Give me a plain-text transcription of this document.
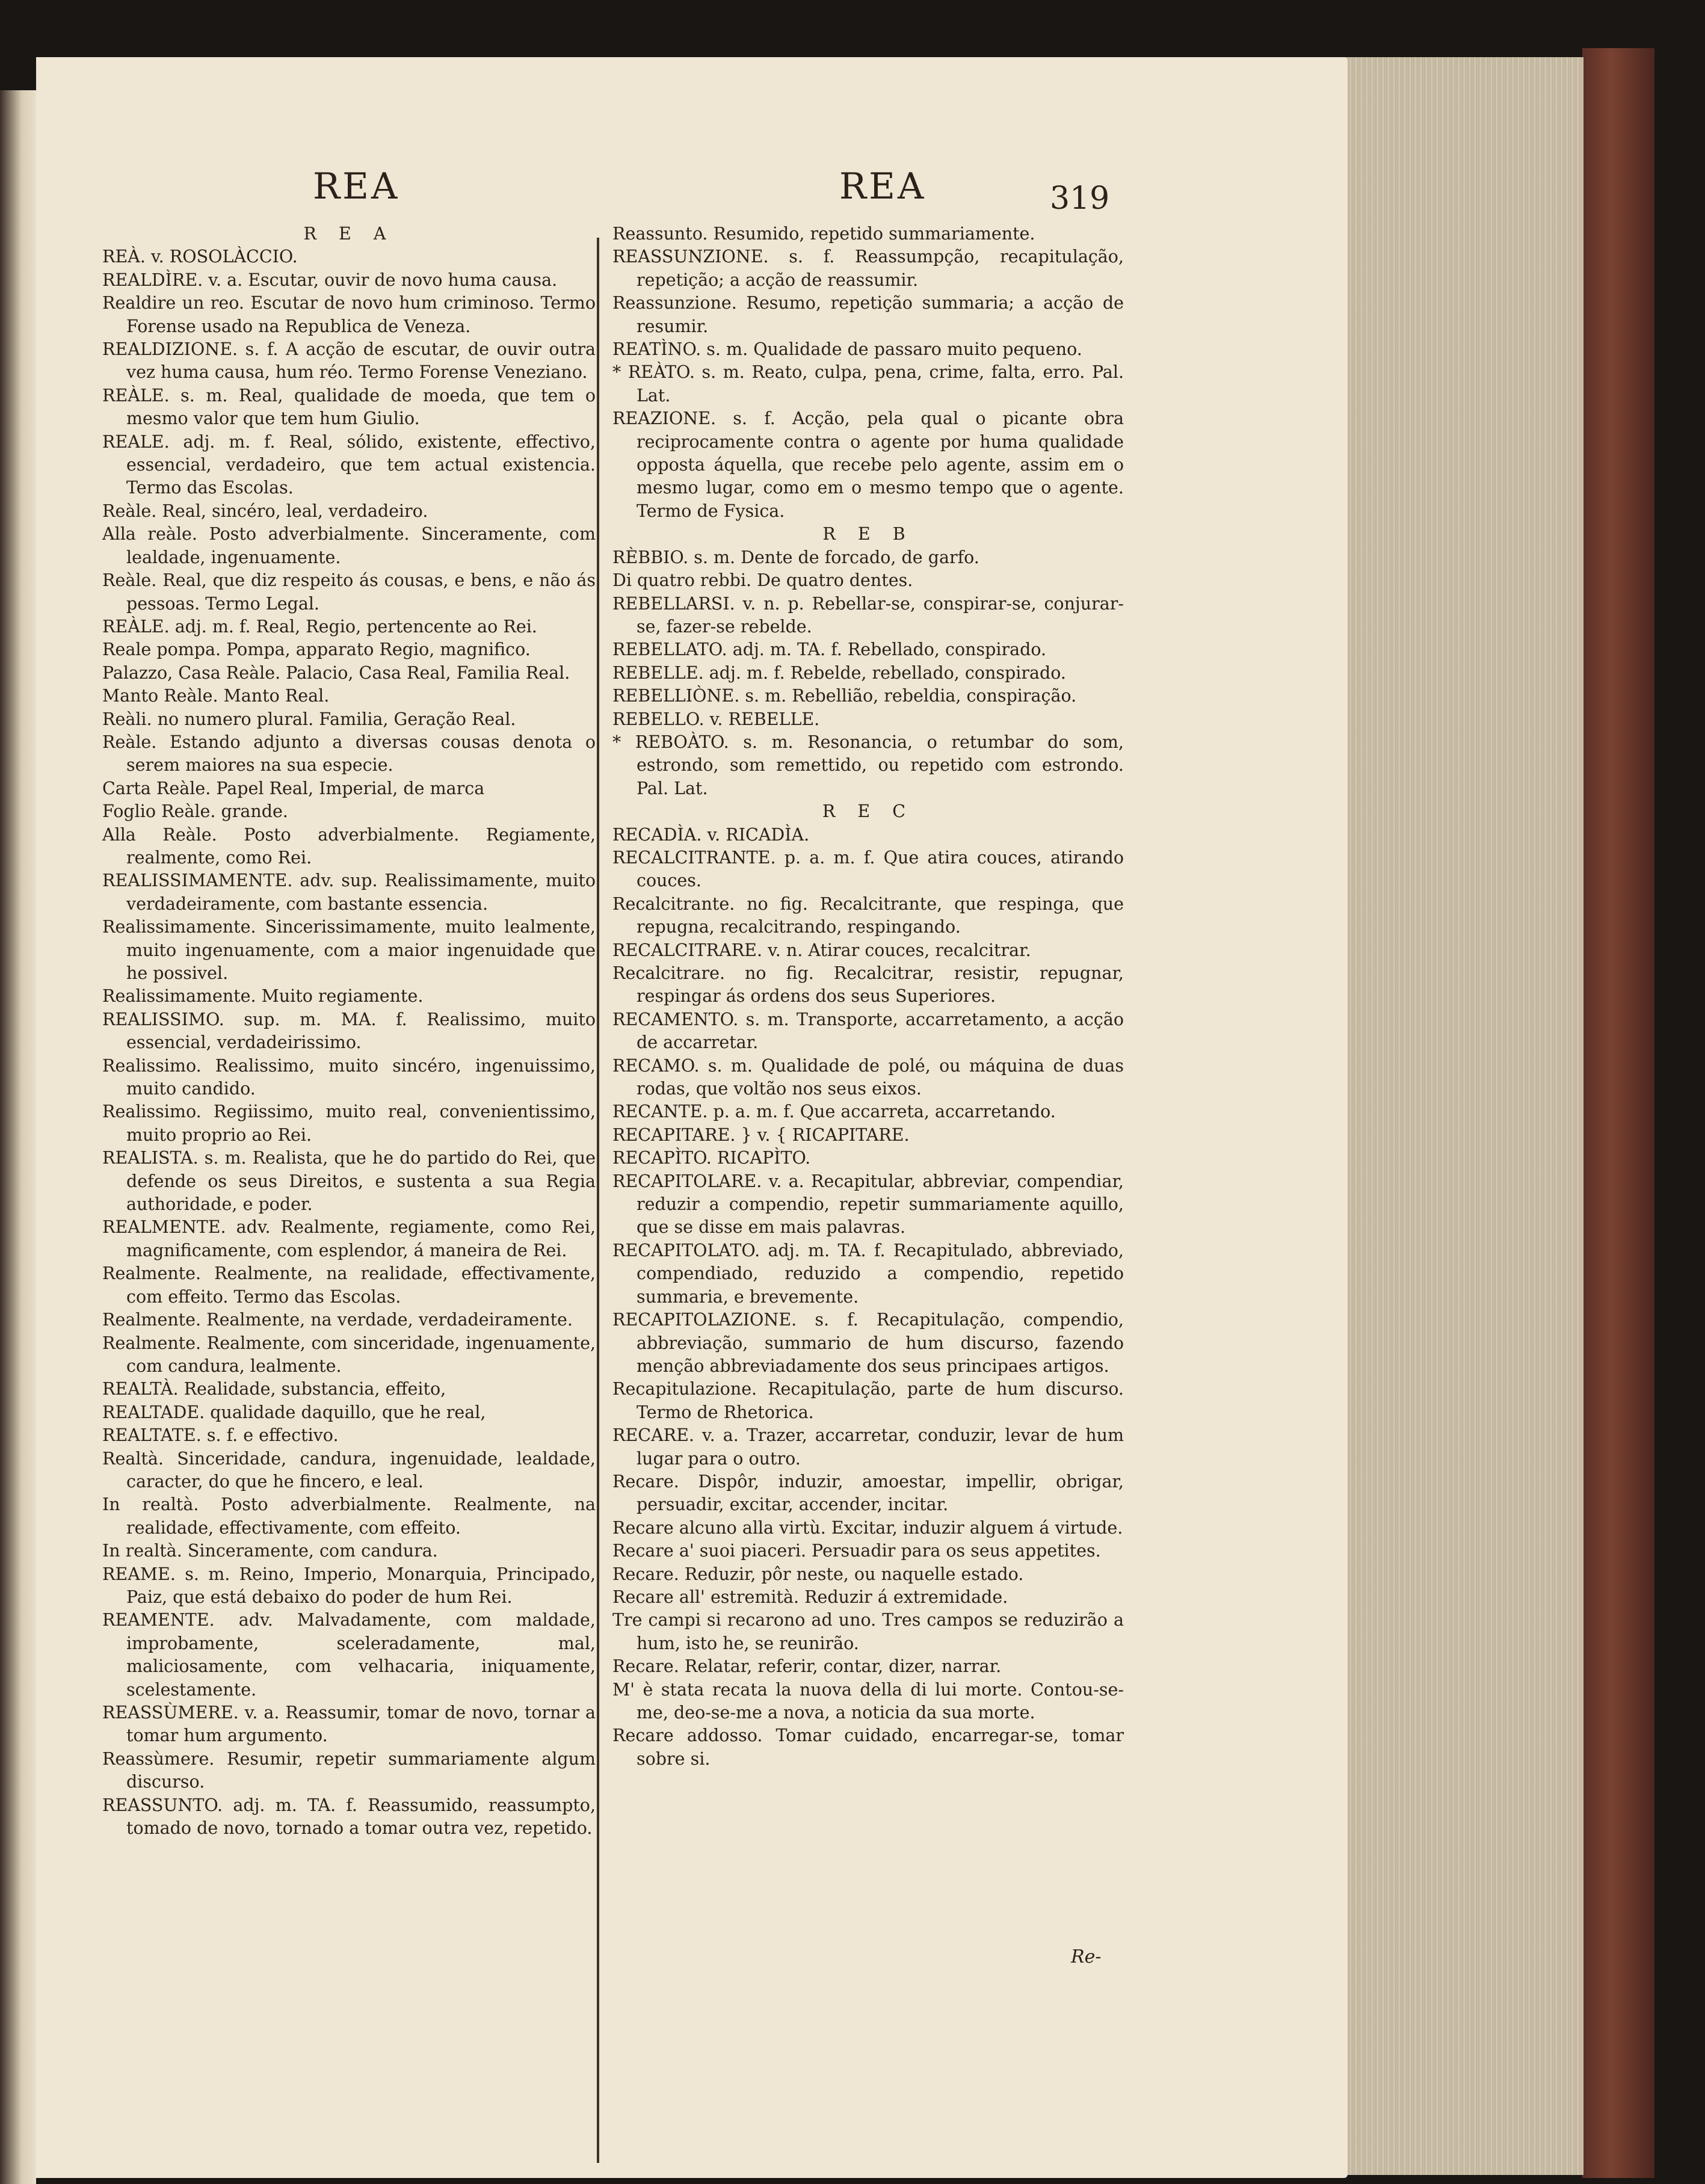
REA	REA	319
R E A
REÀ. v. ROSOLÀCCIO.
REALDÌRE. v. a. Escutar, ouvir de novo huma causa.
Realdire un reo. Escutar de novo hum criminoso. Termo Forense usado na Republica de Veneza.
REALDIZIONE. s. f. A acção de escutar, de ouvir outra vez huma causa, hum réo. Termo Forense Veneziano.
REÀLE. s. m. Real, qualidade de moeda, que tem o mesmo valor que tem hum Giulio.
REALE. adj. m. f. Real, sólido, existente, effectivo, essencial, verdadeiro, que tem actual existencia. Termo das Escolas.
Reàle. Real, sincéro, leal, verdadeiro.
Alla reàle. Posto adverbialmente. Sinceramente, com lealdade, ingenuamente.
Reàle. Real, que diz respeito ás cousas, e bens, e não ás pessoas. Termo Legal.
REÀLE. adj. m. f. Real, Regio, pertencente ao Rei.
Reale pompa. Pompa, apparato Regio, magnifico.
Palazzo, Casa Reàle. Palacio, Casa Real, Familia Real.
Manto Reàle. Manto Real.
Reàli. no numero plural. Familia, Geração Real.
Reàle. Estando adjunto a diversas cousas denota o serem maiores na sua especie.
Carta Reàle. Papel Real, Imperial, de marca
Foglio Reàle. grande.
Alla Reàle. Posto adverbialmente. Regiamente, realmente, como Rei.
REALISSIMAMENTE. adv. sup. Realissimamente, muito verdadeiramente, com bastante essencia.
Realissimamente. Sincerissimamente, muito lealmente, muito ingenuamente, com a maior ingenuidade que he possivel.
Realissimamente. Muito regiamente.
REALISSIMO. sup. m. MA. f. Realissimo, muito essencial, verdadeirissimo.
Realissimo. Realissimo, muito sincéro, ingenuissimo, muito candido.
Realissimo. Regiissimo, muito real, convenientissimo, muito proprio ao Rei.
REALISTA. s. m. Realista, que he do partido do Rei, que defende os seus Direitos, e sustenta a sua Regia authoridade, e poder.
REALMENTE. adv. Realmente, regiamente, como Rei, magnificamente, com esplendor, á maneira de Rei.
Realmente. Realmente, na realidade, effectivamente, com effeito. Termo das Escolas.
Realmente. Realmente, na verdade, verdadeiramente.
Realmente. Realmente, com sinceridade, ingenuamente, com candura, lealmente.
REALTÀ. Realidade, substancia, effeito,
REALTADE. qualidade daquillo, que he real,
REALTATE. s. f. e effectivo.
Realtà. Sinceridade, candura, ingenuidade, lealdade, caracter, do que he fincero, e leal.
In realtà. Posto adverbialmente. Realmente, na realidade, effectivamente, com effeito.
In realtà. Sinceramente, com candura.
REAME. s. m. Reino, Imperio, Monarquia, Principado, Paiz, que está debaixo do poder de hum Rei.
REAMENTE. adv. Malvadamente, com maldade, improbamente, sceleradamente, mal, maliciosamente, com velhacaria, iniquamente, scelestamente.
REASSÙMERE. v. a. Reassumir, tomar de novo, tornar a tomar hum argumento.
Reassùmere. Resumir, repetir summariamente algum discurso.
REASSUNTO. adj. m. TA. f. Reassumido, reassumpto, tomado de novo, tornado a tomar outra vez, repetido.
Reassunto. Resumido, repetido summariamente.
REASSUNZIONE. s. f. Reassumpção, recapitulação, repetição; a acção de reassumir.
Reassunzione. Resumo, repetição summaria; a acção de resumir.
REATÌNO. s. m. Qualidade de passaro muito pequeno.
* REÀTO. s. m. Reato, culpa, pena, crime, falta, erro. Pal. Lat.
REAZIONE. s. f. Acção, pela qual o picante obra reciprocamente contra o agente por huma qualidade opposta áquella, que recebe pelo agente, assim em o mesmo lugar, como em o mesmo tempo que o agente. Termo de Fysica.
R E B
RÈBBIO. s. m. Dente de forcado, de garfo.
Di quatro rebbi. De quatro dentes.
REBELLARSI. v. n. p. Rebellar-se, conspirar-se, conjurar-se, fazer-se rebelde.
REBELLATO. adj. m. TA. f. Rebellado, conspirado.
REBELLE. adj. m. f. Rebelde, rebellado, conspirado.
REBELLIÒNE. s. m. Rebellião, rebeldia, conspiração.
REBELLO. v. REBELLE.
* REBOÀTO. s. m. Resonancia, o retumbar do som, estrondo, som remettido, ou repetido com estrondo. Pal. Lat.
R E C
RECADÌA. v. RICADÌA.
RECALCITRANTE. p. a. m. f. Que atira couces, atirando couces.
Recalcitrante. no fig. Recalcitrante, que respinga, que repugna, recalcitrando, respingando.
RECALCITRARE. v. n. Atirar couces, recalcitrar.
Recalcitrare. no fig. Recalcitrar, resistir, repugnar, respingar ás ordens dos seus Superiores.
RECAMENTO. s. m. Transporte, accarretamento, a acção de accarretar.
RECAMO. s. m. Qualidade de polé, ou máquina de duas rodas, que voltão nos seus eixos.
RECANTE. p. a. m. f. Que accarreta, accarretando.
RECAPITARE. } v. { RICAPITARE.
RECAPÌTO. RICAPÌTO.
RECAPITOLARE. v. a. Recapitular, abbreviar, compendiar, reduzir a compendio, repetir summariamente aquillo, que se disse em mais palavras.
RECAPITOLATO. adj. m. TA. f. Recapitulado, abbreviado, compendiado, reduzido a compendio, repetido summaria, e brevemente.
RECAPITOLAZIONE. s. f. Recapitulação, compendio, abbreviação, summario de hum discurso, fazendo menção abbreviadamente dos seus principaes artigos.
Recapitulazione. Recapitulação, parte de hum discurso. Termo de Rhetorica.
RECARE. v. a. Trazer, accarretar, conduzir, levar de hum lugar para o outro.
Recare. Dispôr, induzir, amoestar, impellir, obrigar, persuadir, excitar, accender, incitar.
Recare alcuno alla virtù. Excitar, induzir alguem á virtude.
Recare a' suoi piaceri. Persuadir para os seus appetites.
Recare. Reduzir, pôr neste, ou naquelle estado.
Recare all' estremità. Reduzir á extremidade.
Tre campi si recarono ad uno. Tres campos se reduzirão a hum, isto he, se reunirão.
Recare. Relatar, referir, contar, dizer, narrar.
M' è stata recata la nuova della di lui morte. Contou-se-me, deo-se-me a nova, a noticia da sua morte.
Recare addosso. Tomar cuidado, encarregar-se, tomar sobre si.
Re-
